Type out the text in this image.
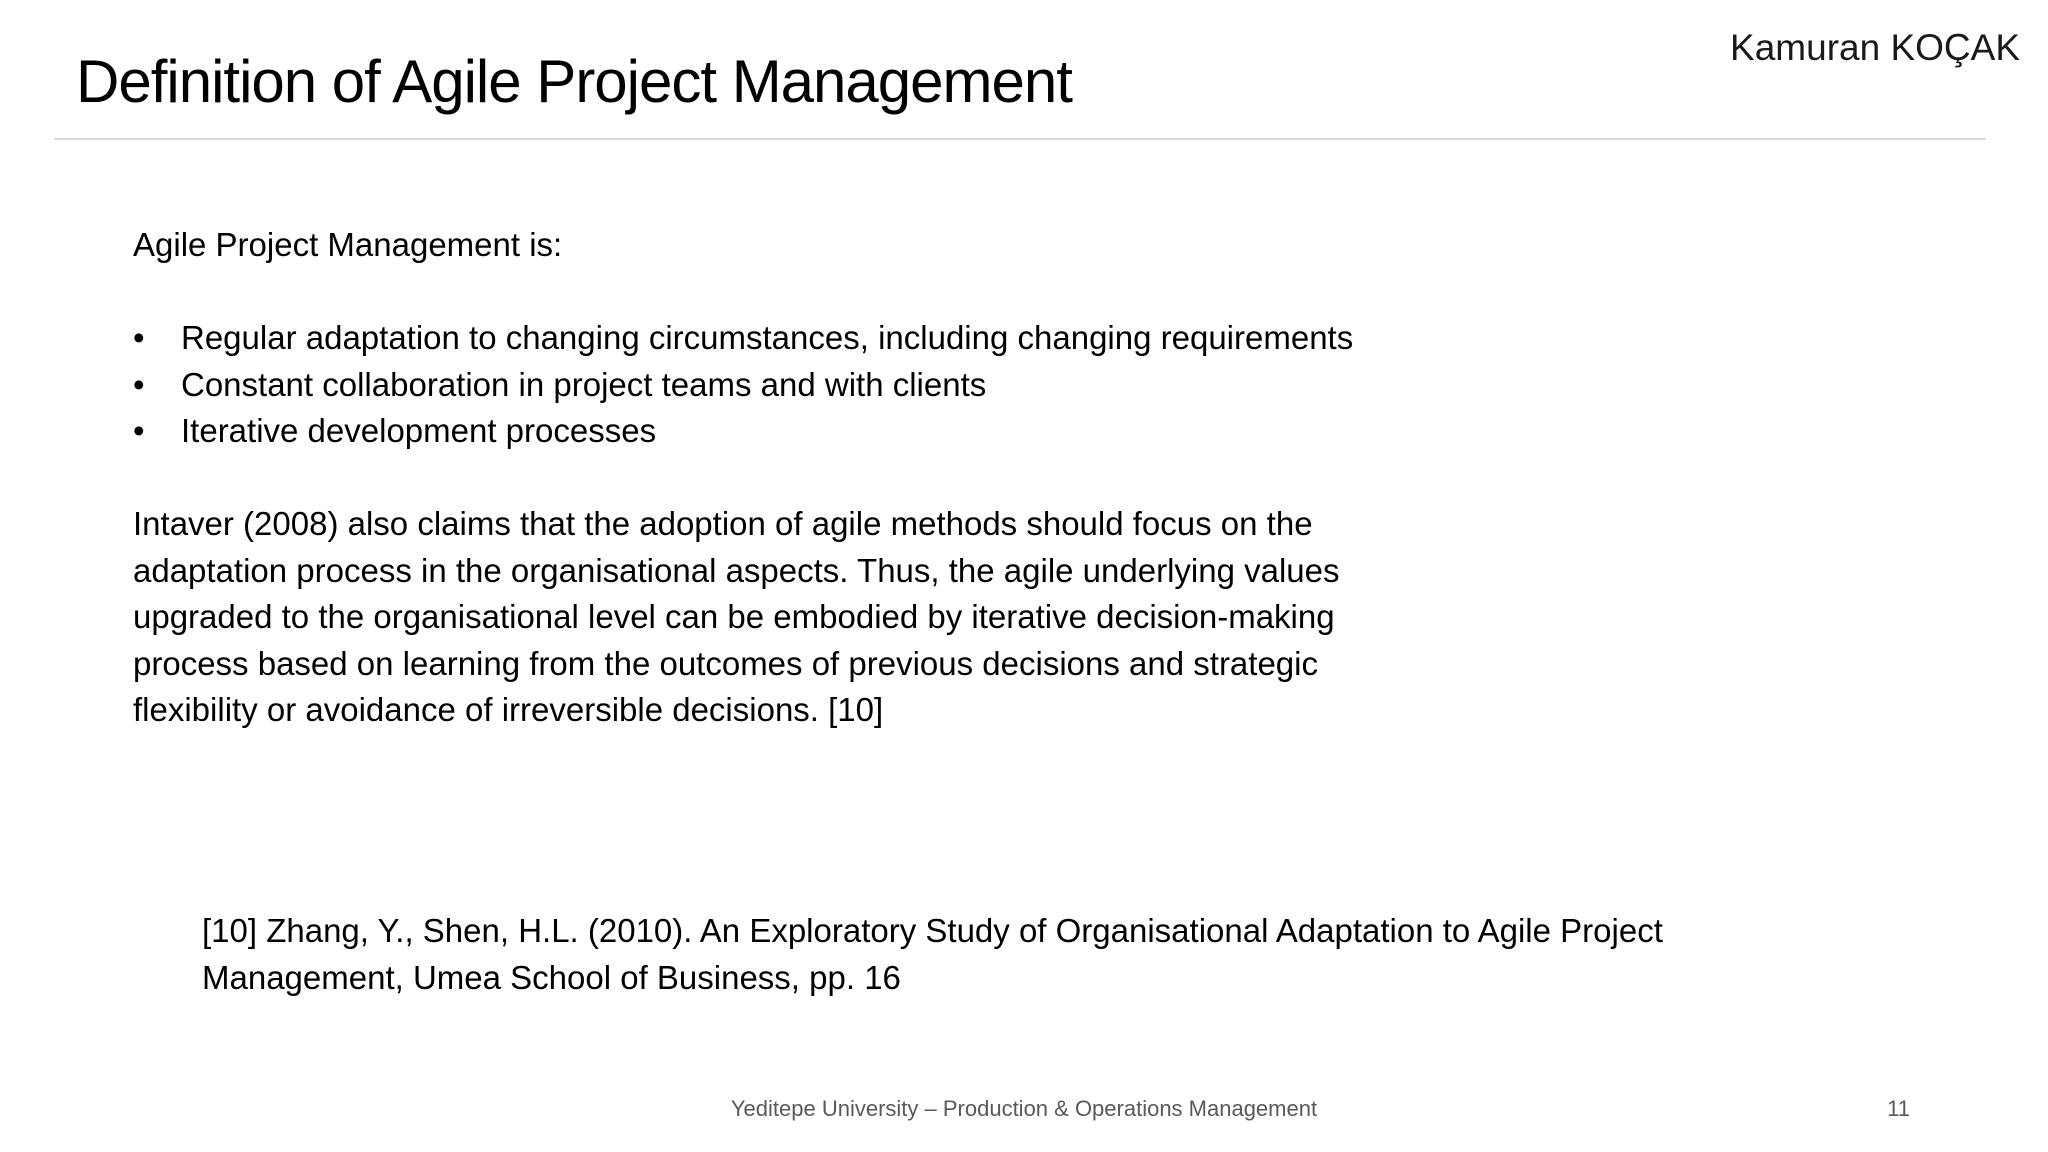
Definition of Agile Project Management
Kamuran KOÇAK

Agile Project Management is:

• Regular adaptation to changing circumstances, including changing requirements
• Constant collaboration in project teams and with clients
• Iterative development processes

Intaver (2008) also claims that the adoption of agile methods should focus on the

adaptation process in the organisational aspects. Thus, the agile underlying values

upgraded to the organisational level can be embodied by iterative decision-making

process based on learning from the outcomes of previous decisions and strategic

flexibility or avoidance of irreversible decisions. [10]

[10] Zhang, Y., Shen, H.L. (2010). An Exploratory Study of Organisational Adaptation to Agile Project

Management, Umea School of Business, pp. 16

Yeditepe University – Production & Operations Management	11
